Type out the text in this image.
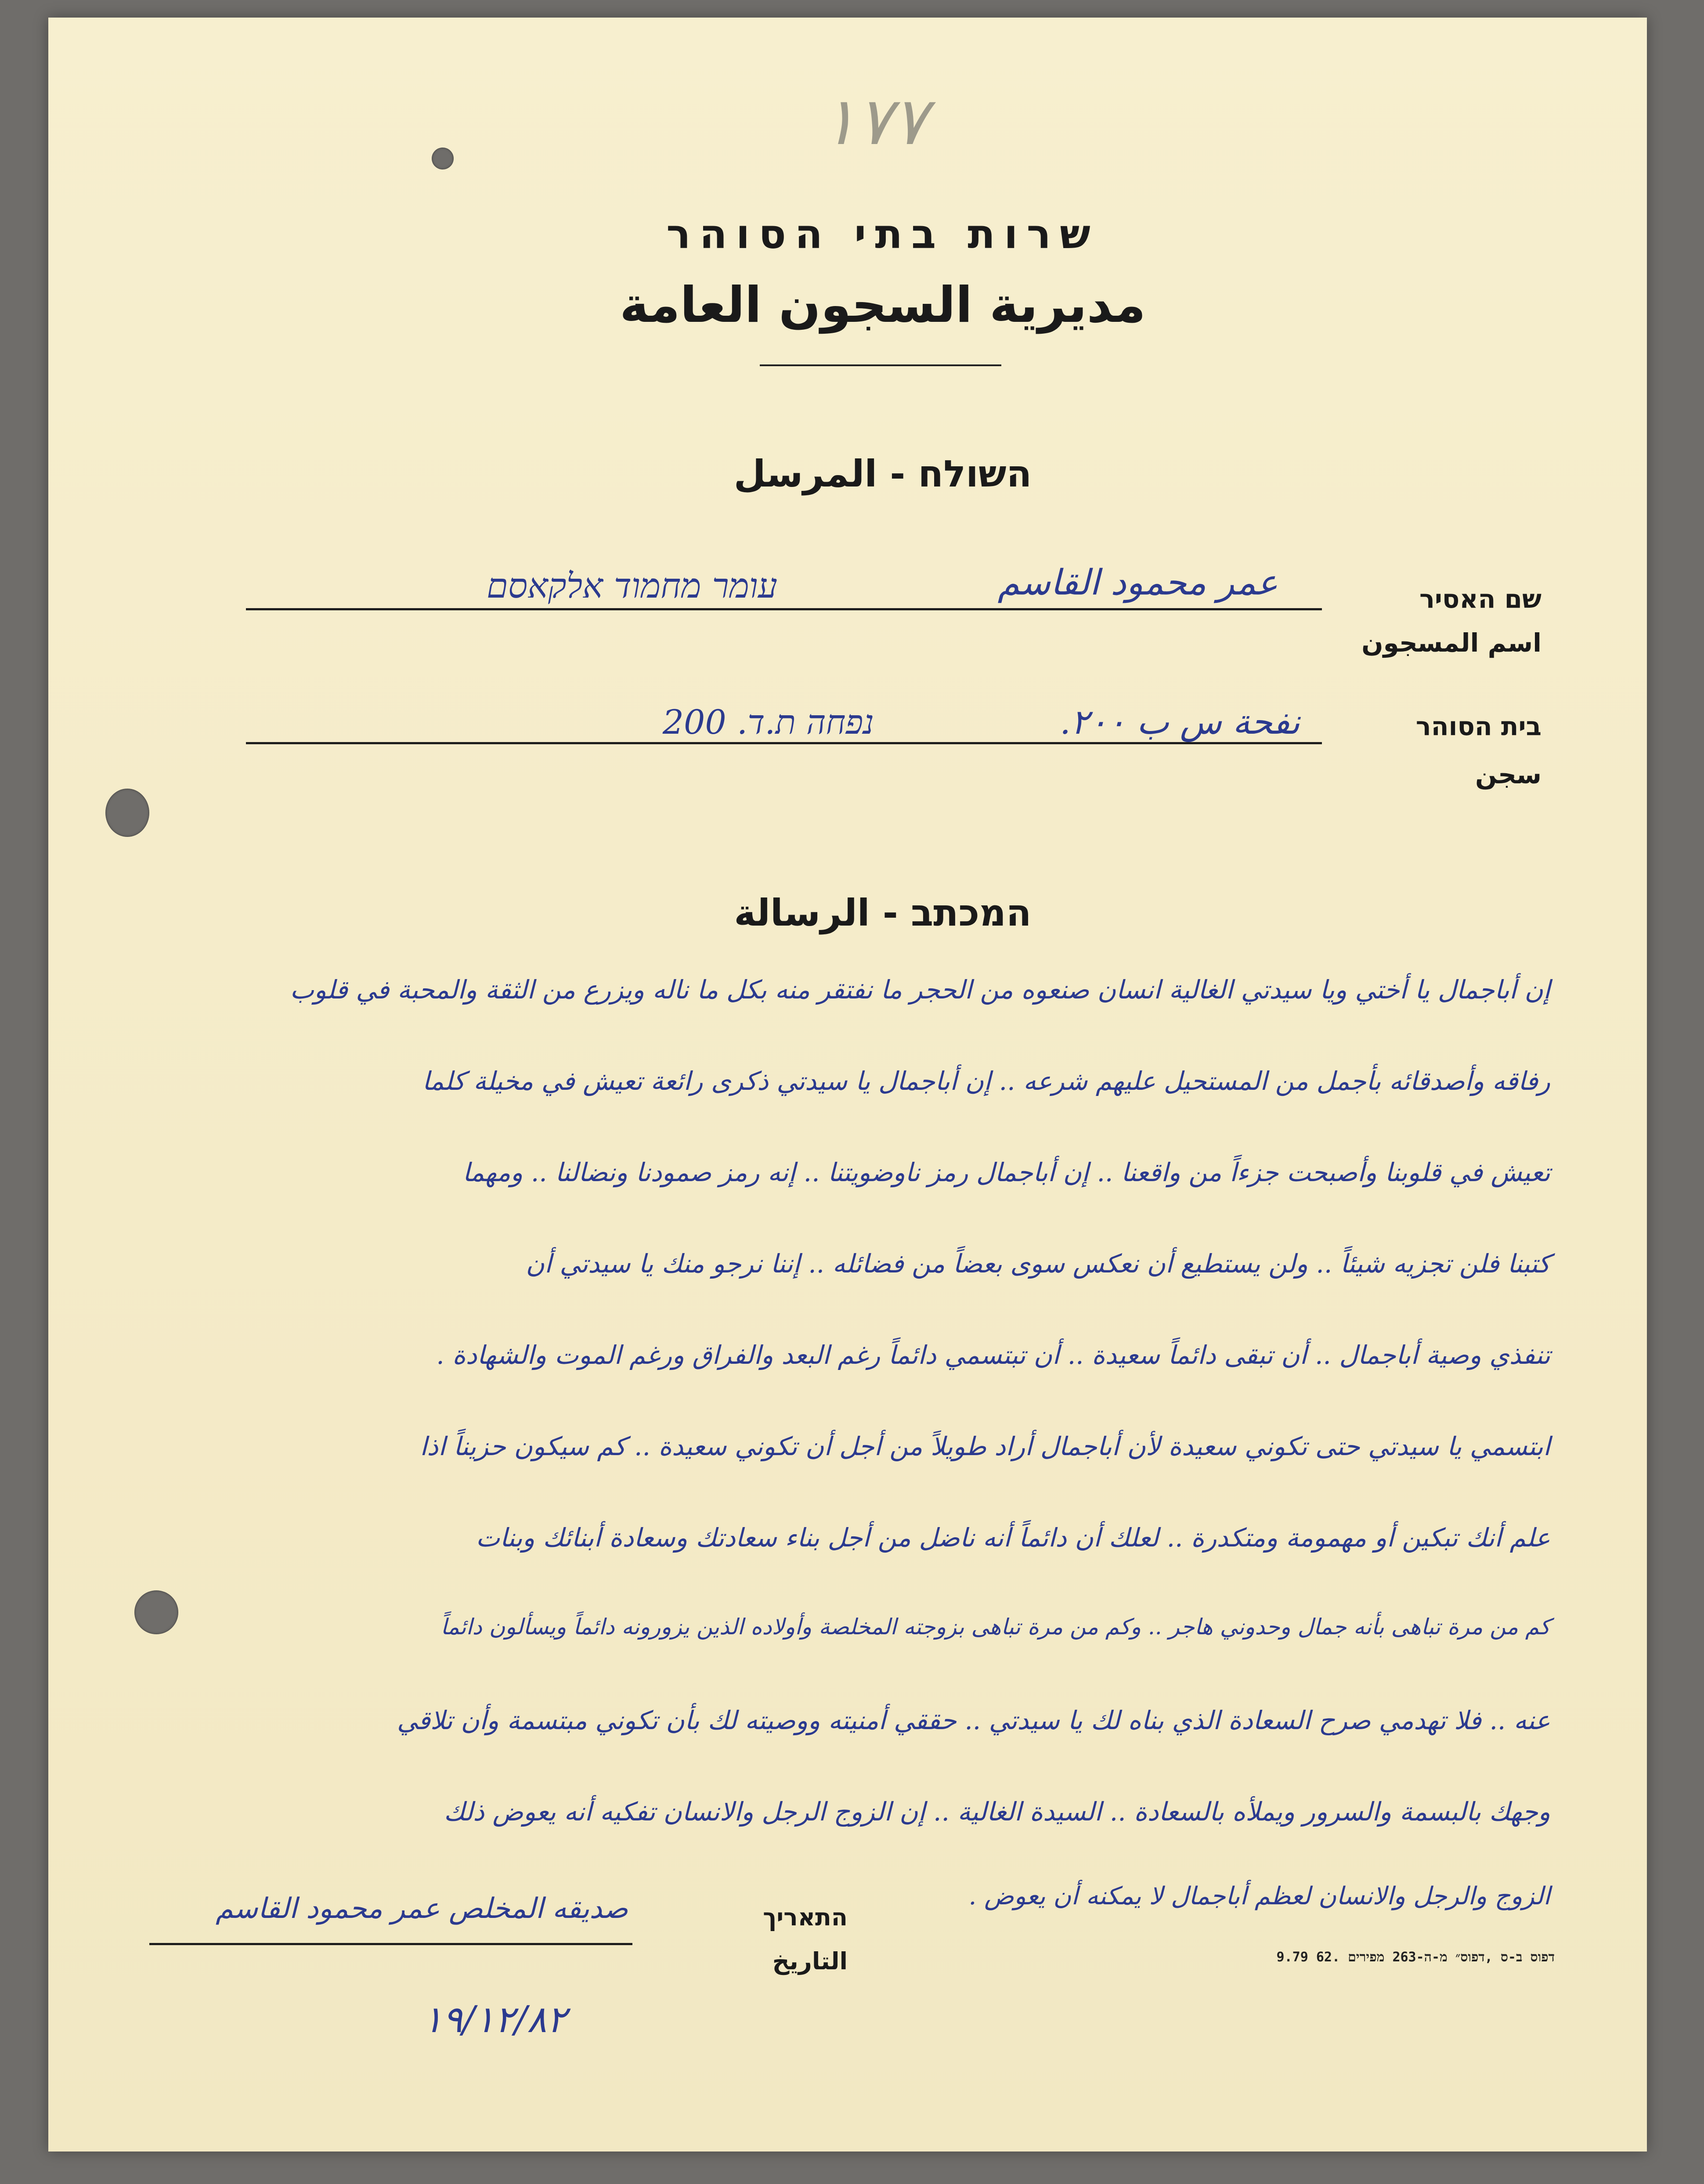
١٧٧
שרות בתי הסוהר
مديرية السجون العامة
השולח - المرسل
שם האסיר
اسم المسجون
عمر محمود القاسم
עומר מחמוד אלקאסם
בית הסוהר
سجن
نفحة س ب ٢٠٠.
נפחה ת.ד. 200
המכתב - الرسالة
إن أباجمال يا أختي ويا سيدتي الغالية انسان صنعوه من الحجر ما نفتقر منه بكل ما ناله ويزرع من الثقة والمحبة في قلوب
رفاقه وأصدقائه بأجمل من المستحيل عليهم شرعه .. إن أباجمال يا سيدتي ذكرى رائعة تعيش في مخيلة كلما
تعيش في قلوبنا وأصبحت جزءاً من واقعنا .. إن أباجمال رمز ناوضويتنا .. إنه رمز صمودنا ونضالنا .. ومهما
كتبنا فلن تجزيه شيئاً .. ولن يستطيع أن نعكس سوى بعضاً من فضائله .. إننا نرجو منك يا سيدتي أن
تنفذي وصية أباجمال .. أن تبقى دائماً سعيدة .. أن تبتسمي دائماً رغم البعد والفراق ورغم الموت والشهادة .
ابتسمي يا سيدتي حتى تكوني سعيدة لأن أباجمال أراد طويلاً من أجل أن تكوني سعيدة .. كم سيكون حزيناً اذا
علم أنك تبكين أو مهمومة ومتكدرة .. لعلك أن دائماً أنه ناضل من أجل بناء سعادتك وسعادة أبنائك وبنات
كم من مرة تباهى بأنه جمال وحدوني هاجر .. وكم من مرة تباهى بزوجته المخلصة وأولاده الذين يزورونه دائماً ويسألون دائماً
عنه .. فلا تهدمي صرح السعادة الذي بناه لك يا سيدتي .. حققي أمنيته ووصيته لك بأن تكوني مبتسمة وأن تلاقي
وجهك بالبسمة والسرور ويملأه بالسعادة .. السيدة الغالية .. إن الزوج الرجل والانسان تفكيه أنه يعوض ذلك
الزوج والرجل والانسان لعظم أباجمال لا يمكنه أن يعوض .
صديقه المخلص عمر محمود القاسم	התאריך
التاريخ
١٩/١٢/٨٢
דפוס ב-ס ,דפוס״ מ-ה-263 מפירים .62 9.79
